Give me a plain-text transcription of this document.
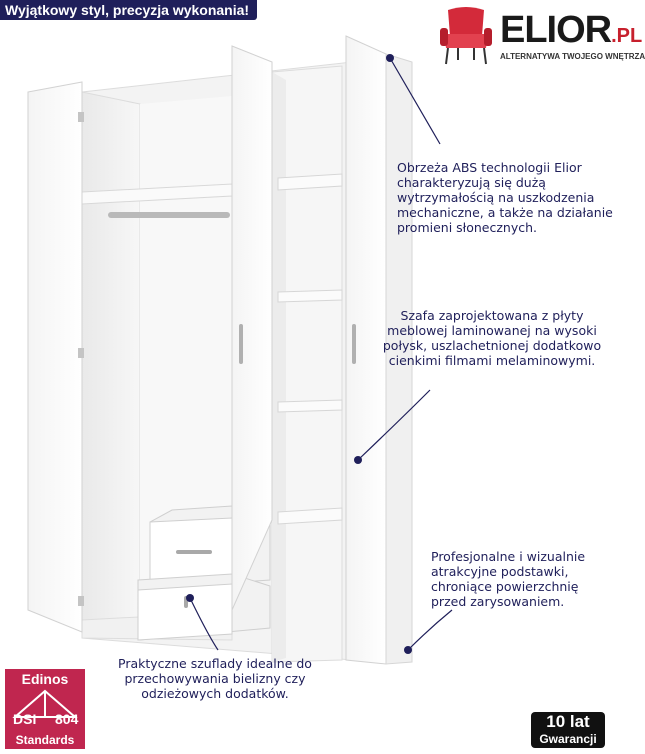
Wyjątkowy styl, precyzja wykonania!	ELIOR.PL
ALTERNATYWA TWOJEGO WNĘTRZA
Obrzeża ABS technologii Elior charakteryzują się dużą wytrzymałością na uszkodzenia mechaniczne, a także na działanie promieni słonecznych.
Szafa zaprojektowana z płyty meblowej laminowanej na wysoki połysk, uszlachetnionej dodatkowo cienkimi filmami melaminowymi.
Profesjonalne i wizualnie atrakcyjne podstawki, chroniące powierzchnię przed zarysowaniem.
Praktyczne szuflady idealne do przechowywania bielizny czy odzieżowych dodatków.
Edinos
DSI 804
Standards
10 lat
Gwarancji
